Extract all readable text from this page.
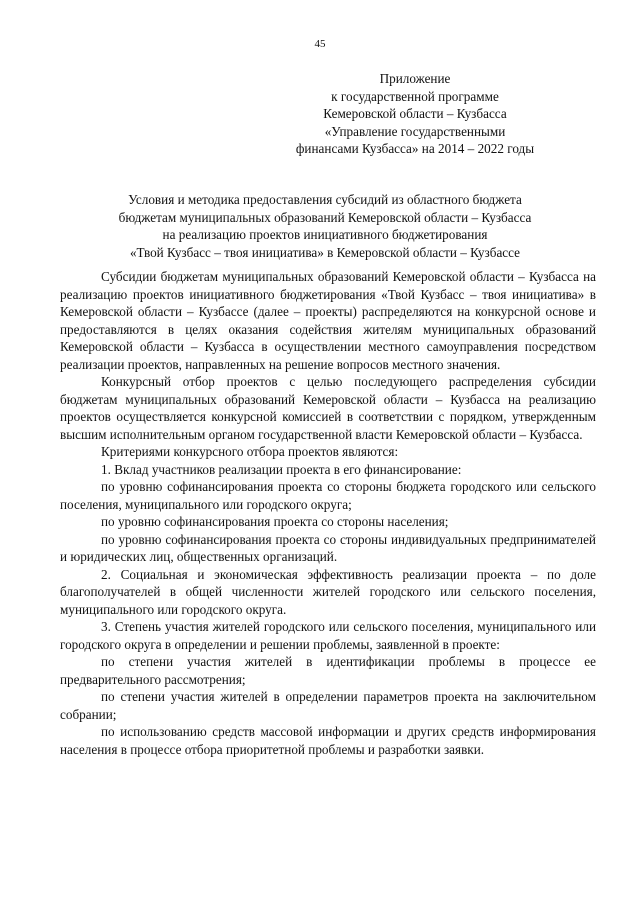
45
Приложение
к государственной программе
Кемеровской области – Кузбасса
«Управление государственными
финансами Кузбасса» на 2014 – 2022 годы
Условия и методика предоставления субсидий из областного бюджета
бюджетам муниципальных образований Кемеровской области – Кузбасса
на реализацию проектов инициативного бюджетирования
«Твой Кузбасс – твоя инициатива» в Кемеровской области – Кузбассе

Субсидии бюджетам муниципальных образований Кемеровской области – Кузбасса на реализацию проектов инициативного бюджетирования «Твой Кузбасс – твоя инициатива» в Кемеровской области – Кузбассе (далее – проекты) распределяются на конкурсной основе и предоставляются в целях оказания содействия жителям муниципальных образований Кемеровской области – Кузбасса в осуществлении местного самоуправления посредством реализации проектов, направленных на решение вопросов местного значения.

Конкурсный отбор проектов с целью последующего распределения субсидии бюджетам муниципальных образований Кемеровской области – Кузбасса на реализацию проектов осуществляется конкурсной комиссией в соответствии с порядком, утвержденным высшим исполнительным органом государственной власти Кемеровской области – Кузбасса.

Критериями конкурсного отбора проектов являются:

1. Вклад участников реализации проекта в его финансирование:

по уровню софинансирования проекта со стороны бюджета городского или сельского поселения, муниципального или городского округа;

по уровню софинансирования проекта со стороны населения;

по уровню софинансирования проекта со стороны индивидуальных предпринимателей и юридических лиц, общественных организаций.

2. Социальная и экономическая эффективность реализации проекта – по доле благополучателей в общей численности жителей городского или сельского поселения, муниципального или городского округа.

3. Степень участия жителей городского или сельского поселения, муниципального или городского округа в определении и решении проблемы, заявленной в проекте:

по степени участия жителей в идентификации проблемы в процессе ее предварительного рассмотрения;

по степени участия жителей в определении параметров проекта на заключительном собрании;

по использованию средств массовой информации и других средств информирования населения в процессе отбора приоритетной проблемы и разработки заявки.
